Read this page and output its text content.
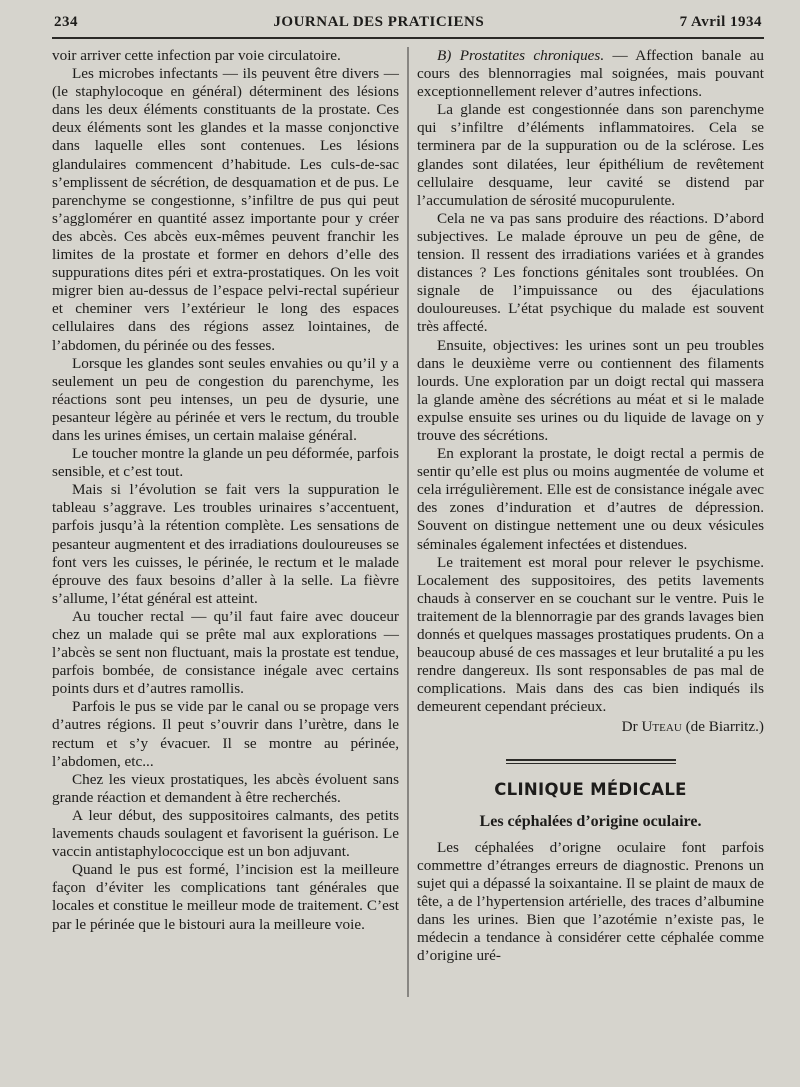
234	JOURNAL DES PRATICIENS	7 Avril 1934

voir arriver cette infection par voie circulatoire.

Les microbes infectants — ils peuvent être divers — (le staphylocoque en général) déterminent des lésions dans les deux éléments constituants de la prostate. Ces deux éléments sont les glandes et la masse conjonctive dans laquelle elles sont contenues. Les lésions glandulaires commencent d’habitude. Les culs-de-sac s’emplissent de sécrétion, de desquamation et de pus. Le parenchyme se congestionne, s’infiltre de pus qui peut s’agglomérer en quantité assez importante pour y créer des abcès. Ces abcès eux-mêmes peuvent franchir les limites de la prostate et former en dehors d’elle des suppurations dites péri et extra-prostatiques. On les voit migrer bien au-dessus de l’espace pelvi-rectal supérieur et cheminer vers l’extérieur le long des espaces cellulaires dans des régions assez lointaines, de l’abdomen, du périnée ou des fesses.

Lorsque les glandes sont seules envahies ou qu’il y a seulement un peu de congestion du parenchyme, les réactions sont peu intenses, un peu de dysurie, une pesanteur légère au périnée et vers le rectum, du trouble dans les urines émises, un certain malaise général.

Le toucher montre la glande un peu déformée, parfois sensible, et c’est tout.

Mais si l’évolution se fait vers la suppuration le tableau s’aggrave. Les troubles urinaires s’accentuent, parfois jusqu’à la rétention complète. Les sensations de pesanteur augmentent et des irradiations douloureuses se font vers les cuisses, le périnée, le rectum et le malade éprouve des faux besoins d’aller à la selle. La fièvre s’allume, l’état général est atteint.

Au toucher rectal — qu’il faut faire avec douceur chez un malade qui se prête mal aux explorations — l’abcès se sent non fluctuant, mais la prostate est tendue, parfois bombée, de consistance inégale avec certains points durs et d’autres ramollis.

Parfois le pus se vide par le canal ou se propage vers d’autres régions. Il peut s’ouvrir dans l’urètre, dans le rectum et s’y évacuer. Il se montre au périnée, l’abdomen, etc...

Chez les vieux prostatiques, les abcès évoluent sans grande réaction et demandent à être recherchés.

A leur début, des suppositoires calmants, des petits lavements chauds soulagent et favorisent la guérison. Le vaccin antistaphylococcique est un bon adjuvant.

Quand le pus est formé, l’incision est la meilleure façon d’éviter les complications tant générales que locales et constitue le meilleur mode de traitement. C’est par le périnée que le bistouri aura la meilleure voie.

B) Prostatites chroniques. — Affection banale au cours des blennorragies mal soignées, mais pouvant exceptionnellement relever d’autres infections.

La glande est congestionnée dans son parenchyme qui s’infiltre d’éléments inflammatoires. Cela se terminera par de la suppuration ou de la sclérose. Les glandes sont dilatées, leur épithélium de revêtement cellulaire desquame, leur cavité se distend par l’accumulation de sérosité mucopurulente.

Cela ne va pas sans produire des réactions. D’abord subjectives. Le malade éprouve un peu de gêne, de tension. Il ressent des irradiations variées et à grandes distances ? Les fonctions génitales sont troublées. On signale de l’impuissance ou des éjaculations douloureuses. L’état psychique du malade est souvent très affecté.

Ensuite, objectives: les urines sont un peu troubles dans le deuxième verre ou contiennent des filaments lourds. Une exploration par un doigt rectal qui massera la glande amène des sécrétions au méat et si le malade expulse ensuite ses urines ou du liquide de lavage on y trouve des sécrétions.

En explorant la prostate, le doigt rectal a permis de sentir qu’elle est plus ou moins augmentée de volume et cela irrégulièrement. Elle est de consistance inégale avec des zones d’induration et d’autres de dépression. Souvent on distingue nettement une ou deux vésicules séminales également infectées et distendues.

Le traitement est moral pour relever le psychisme. Localement des suppositoires, des petits lavements chauds à conserver en se couchant sur le ventre. Puis le traitement de la blennorragie par des grands lavages bien donnés et quelques massages prostatiques prudents. On a beaucoup abusé de ces massages et leur brutalité a pu les rendre dangereux. Ils sont responsables de pas mal de complications. Mais dans des cas bien indiqués ils demeurent cependant précieux.

Dr Uteau (de Biarritz.)

CLINIQUE MÉDICALE
Les céphalées d’origine oculaire.

Les céphalées d’origne oculaire font parfois commettre d’étranges erreurs de diagnostic. Prenons un sujet qui a dépassé la soixantaine. Il se plaint de maux de tête, a de l’hypertension artérielle, des traces d’albumine dans les urines. Bien que l’azotémie n’existe pas, le médecin a tendance à considérer cette céphalée comme d’origine uré-
